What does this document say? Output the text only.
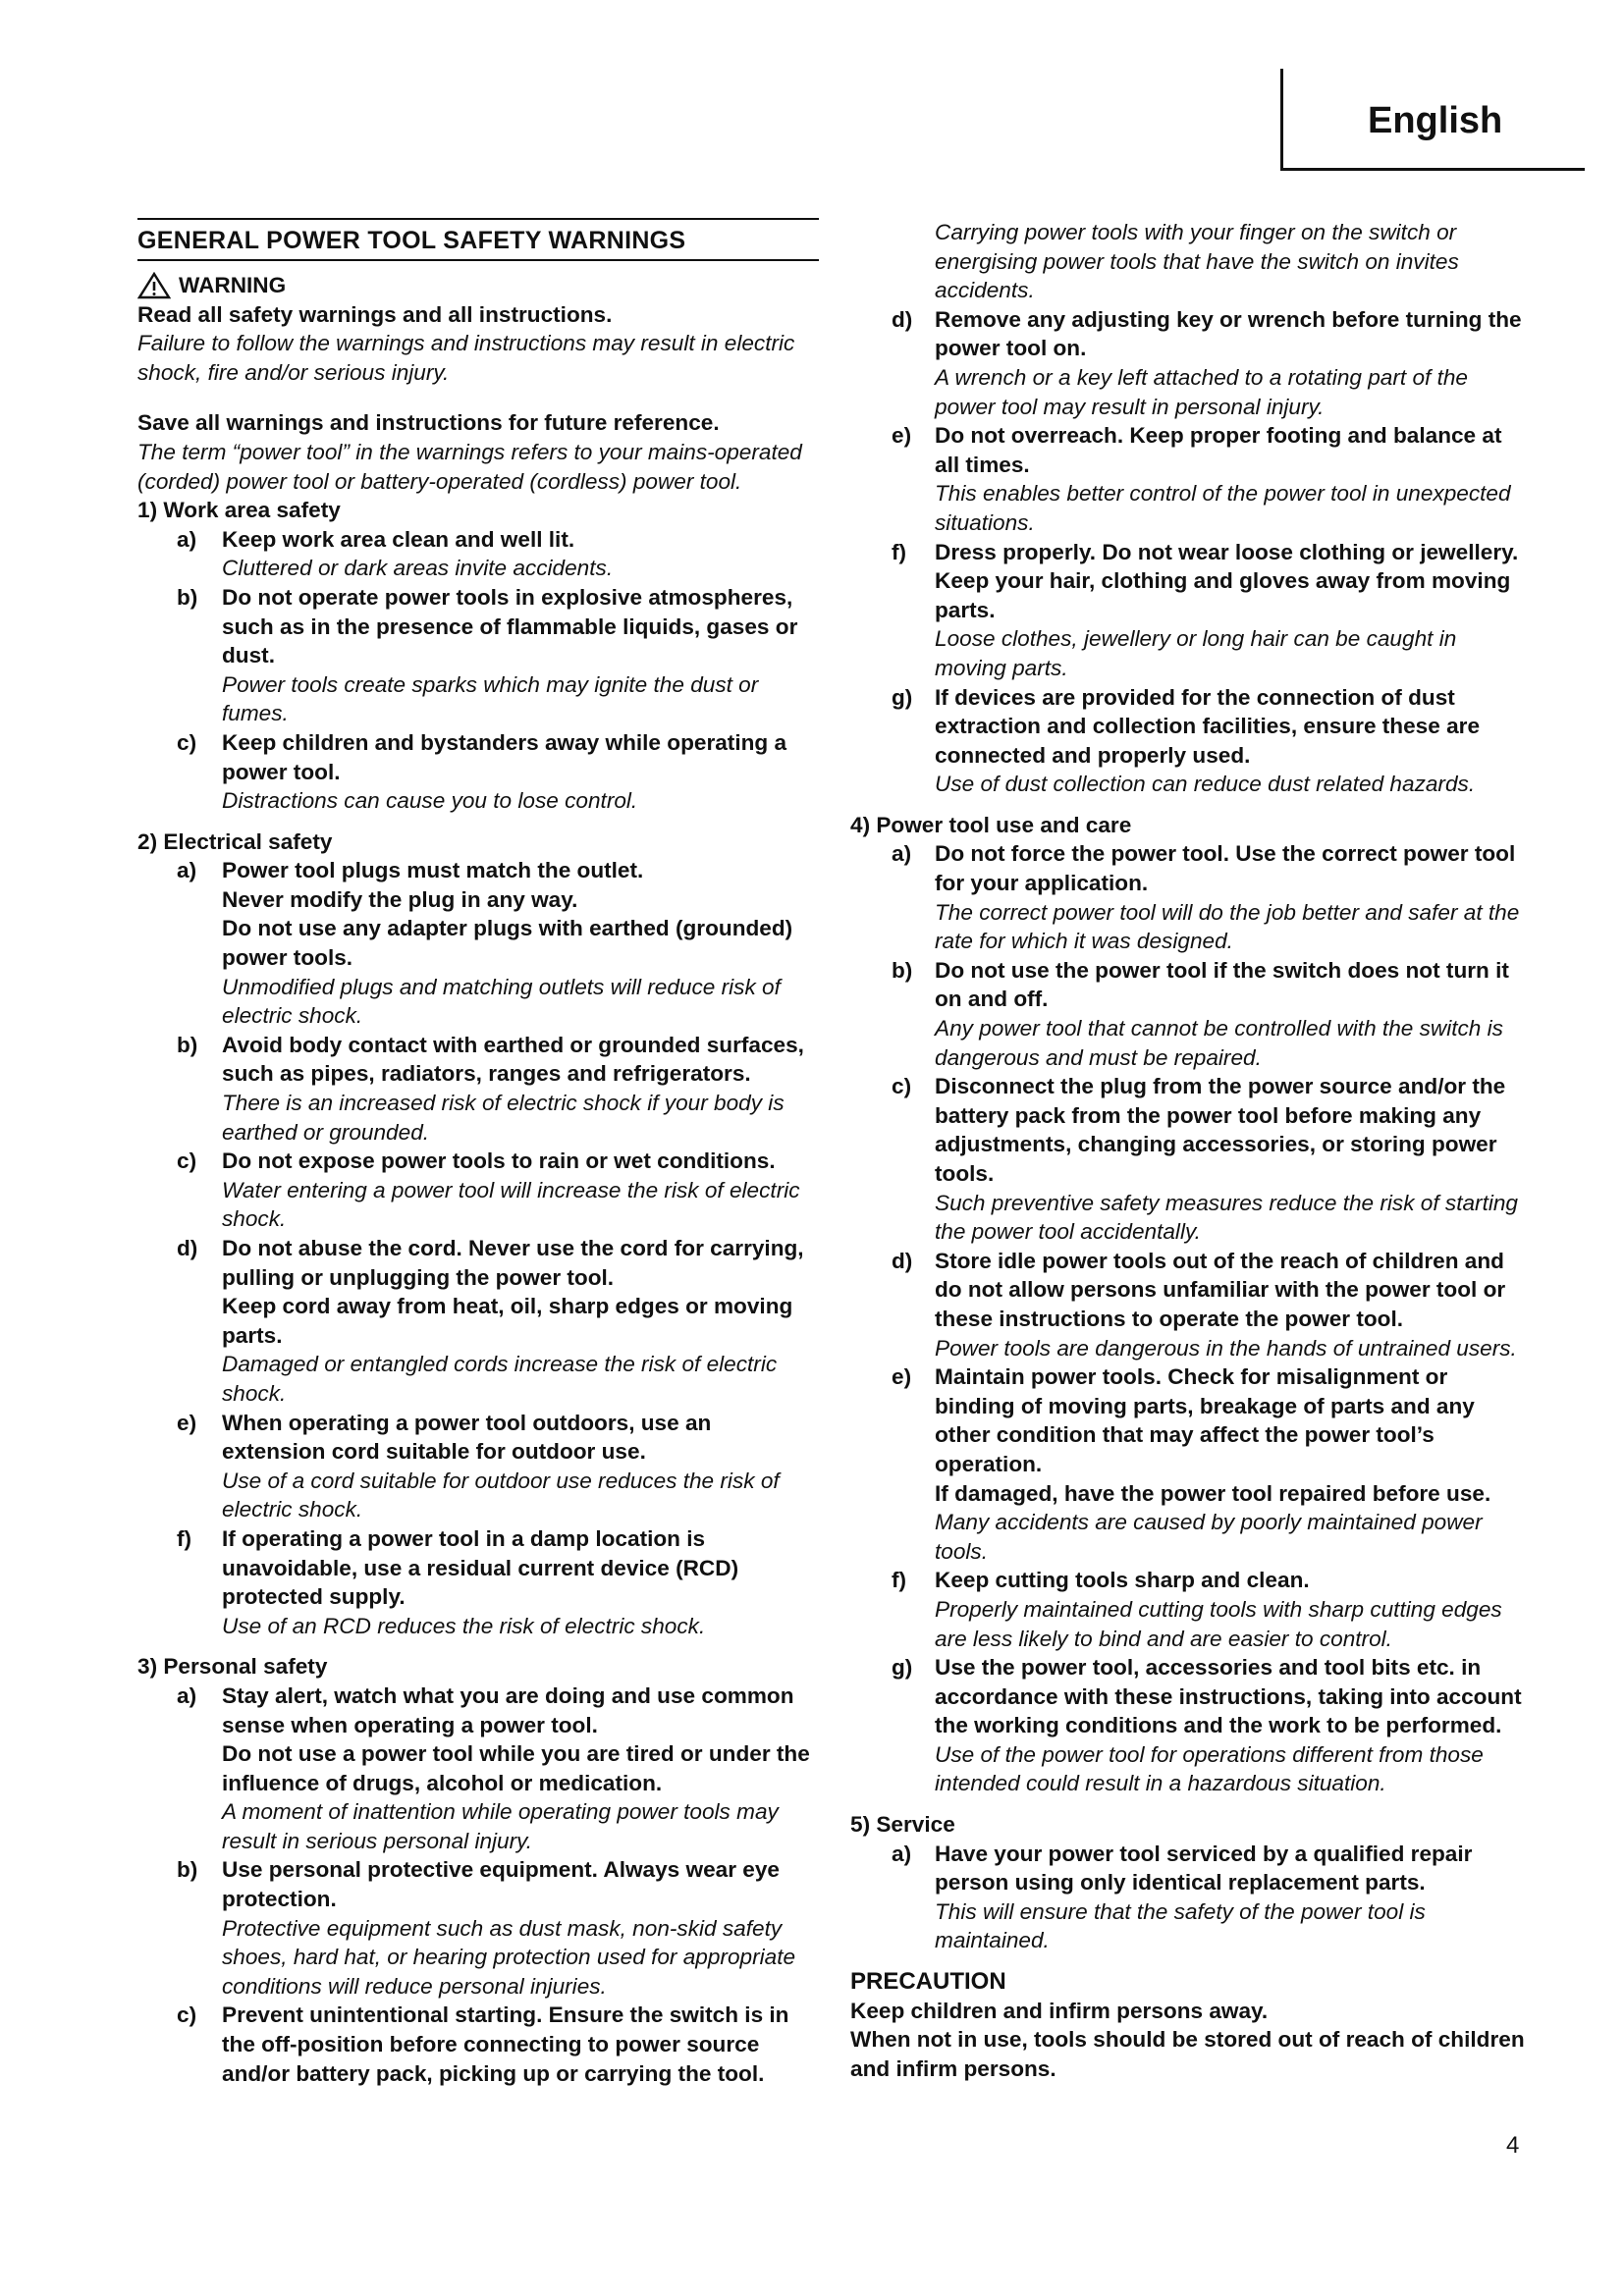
English
GENERAL POWER TOOL SAFETY WARNINGS
WARNING

Read all safety warnings and all instructions.

Failure to follow the warnings and instructions may result in electric shock, fire and/or serious injury.

Save all warnings and instructions for future reference.

The term “power tool” in the warnings refers to your mains-operated (corded) power tool or battery-operated (cordless) power tool.

1) Work area safety

a) Keep work area clean and well lit.

Cluttered or dark areas invite accidents.

b) Do not operate power tools in explosive atmospheres, such as in the presence of flammable liquids, gases or dust.

Power tools create sparks which may ignite the dust or fumes.

c) Keep children and bystanders away while operating a power tool.

Distractions can cause you to lose control.

2) Electrical safety

a) Power tool plugs must match the outlet.

Never modify the plug in any way.

Do not use any adapter plugs with earthed (grounded) power tools.

Unmodified plugs and matching outlets will reduce risk of electric shock.

b) Avoid body contact with earthed or grounded surfaces, such as pipes, radiators, ranges and refrigerators.

There is an increased risk of electric shock if your body is earthed or grounded.

c) Do not expose power tools to rain or wet conditions.

Water entering a power tool will increase the risk of electric shock.

d) Do not abuse the cord. Never use the cord for carrying, pulling or unplugging the power tool.

Keep cord away from heat, oil, sharp edges or moving parts.

Damaged or entangled cords increase the risk of electric shock.

e) When operating a power tool outdoors, use an extension cord suitable for outdoor use.

Use of a cord suitable for outdoor use reduces the risk of electric shock.

f) If operating a power tool in a damp location is unavoidable, use a residual current device (RCD) protected supply.

Use of an RCD reduces the risk of electric shock.

3) Personal safety

a) Stay alert, watch what you are doing and use common sense when operating a power tool.

Do not use a power tool while you are tired or under the influence of drugs, alcohol or medication.

A moment of inattention while operating power tools may result in serious personal injury.

b) Use personal protective equipment. Always wear eye protection.

Protective equipment such as dust mask, non-skid safety shoes, hard hat, or hearing protection used for appropriate conditions will reduce personal injuries.

c) Prevent unintentional starting. Ensure the switch is in the off-position before connecting to power source and/or battery pack, picking up or carrying the tool.

Carrying power tools with your finger on the switch or energising power tools that have the switch on invites accidents.

d) Remove any adjusting key or wrench before turning the power tool on.

A wrench or a key left attached to a rotating part of the power tool may result in personal injury.

e) Do not overreach. Keep proper footing and balance at all times.

This enables better control of the power tool in unexpected situations.

f) Dress properly. Do not wear loose clothing or jewellery. Keep your hair, clothing and gloves away from moving parts.

Loose clothes, jewellery or long hair can be caught in moving parts.

g) If devices are provided for the connection of dust extraction and collection facilities, ensure these are connected and properly used.

Use of dust collection can reduce dust related hazards.

4) Power tool use and care

a) Do not force the power tool. Use the correct power tool for your application.

The correct power tool will do the job better and safer at the rate for which it was designed.

b) Do not use the power tool if the switch does not turn it on and off.

Any power tool that cannot be controlled with the switch is dangerous and must be repaired.

c) Disconnect the plug from the power source and/or the battery pack from the power tool before making any adjustments, changing accessories, or storing power tools.

Such preventive safety measures reduce the risk of starting the power tool accidentally.

d) Store idle power tools out of the reach of children and do not allow persons unfamiliar with the power tool or these instructions to operate the power tool.

Power tools are dangerous in the hands of untrained users.

e) Maintain power tools. Check for misalignment or binding of moving parts, breakage of parts and any other condition that may affect the power tool’s operation.

If damaged, have the power tool repaired before use.

Many accidents are caused by poorly maintained power tools.

f) Keep cutting tools sharp and clean.

Properly maintained cutting tools with sharp cutting edges are less likely to bind and are easier to control.

g) Use the power tool, accessories and tool bits etc. in accordance with these instructions, taking into account the working conditions and the work to be performed.

Use of the power tool for operations different from those intended could result in a hazardous situation.

5) Service

a) Have your power tool serviced by a qualified repair person using only identical replacement parts.

This will ensure that the safety of the power tool is maintained.

PRECAUTION

Keep children and infirm persons away.

When not in use, tools should be stored out of reach of children and infirm persons.

4
